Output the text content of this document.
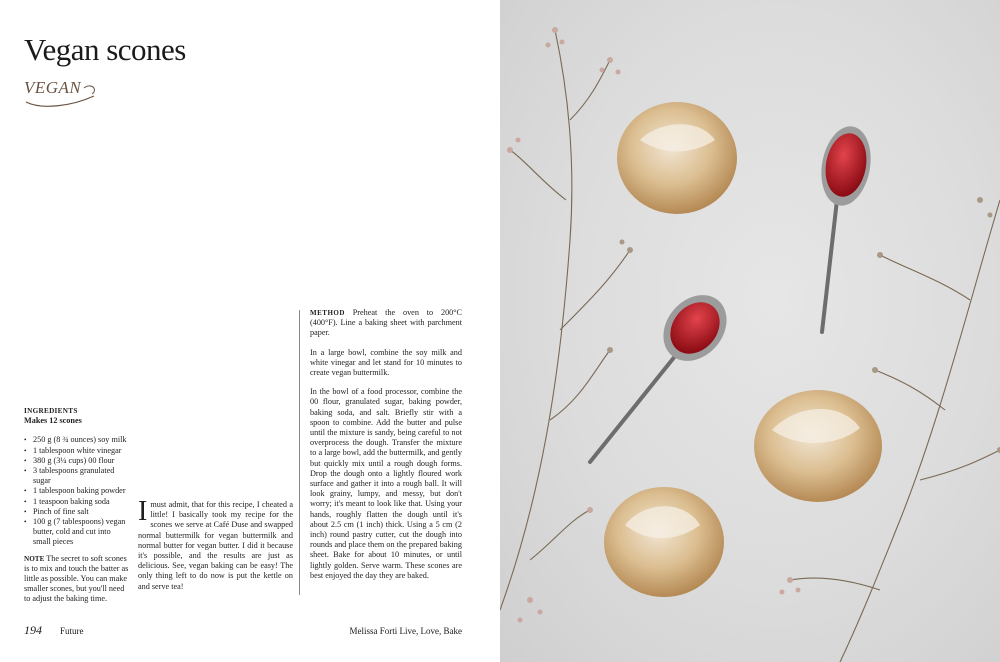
Vegan scones
VEGAN
INGREDIENTS
Makes 12 scones
• 250 g (8 ¾ ounces) soy milk
• 1 tablespoon white vinegar
• 380 g (3¼ cups) 00 flour
• 3 tablespoons granulated sugar
• 1 tablespoon baking powder
• 1 teaspoon baking soda
• Pinch of fine salt
• 100 g (7 tablespoons) vegan butter, cold and cut into small pieces
NOTE The secret to soft scones is to mix and touch the batter as little as possible. You can make smaller scones, but you'll need to adjust the baking time.
I must admit, that for this recipe, I cheated a little! I basically took my recipe for the scones we serve at Café Duse and swapped normal buttermilk for vegan buttermilk and normal butter for vegan butter. I did it because it's possible, and the results are just as delicious. See, vegan baking can be easy! The only thing left to do now is put the kettle on and serve tea!

METHOD Preheat the oven to 200°C (400°F). Line a baking sheet with parchment paper.

In a large bowl, combine the soy milk and white vinegar and let stand for 10 minutes to create vegan buttermilk.

In the bowl of a food processor, combine the 00 flour, granulated sugar, baking powder, baking soda, and salt. Briefly stir with a spoon to combine. Add the butter and pulse until the mixture is sandy, being careful to not overprocess the dough. Transfer the mixture to a large bowl, add the buttermilk, and gently but quickly mix until a rough dough forms. Drop the dough onto a lightly floured work surface and gather it into a rough ball. It will look grainy, lumpy, and messy, but don't worry; it's meant to look like that. Using your hands, roughly flatten the dough until it's about 2.5 cm (1 inch) thick. Using a 5 cm (2 inch) round pastry cutter, cut the dough into rounds and place them on the prepared baking sheet. Bake for about 10 minutes, or until lightly golden. Serve warm. These scones are best enjoyed the day they are baked.

194 Future	Melissa Forti Live, Love, Bake
